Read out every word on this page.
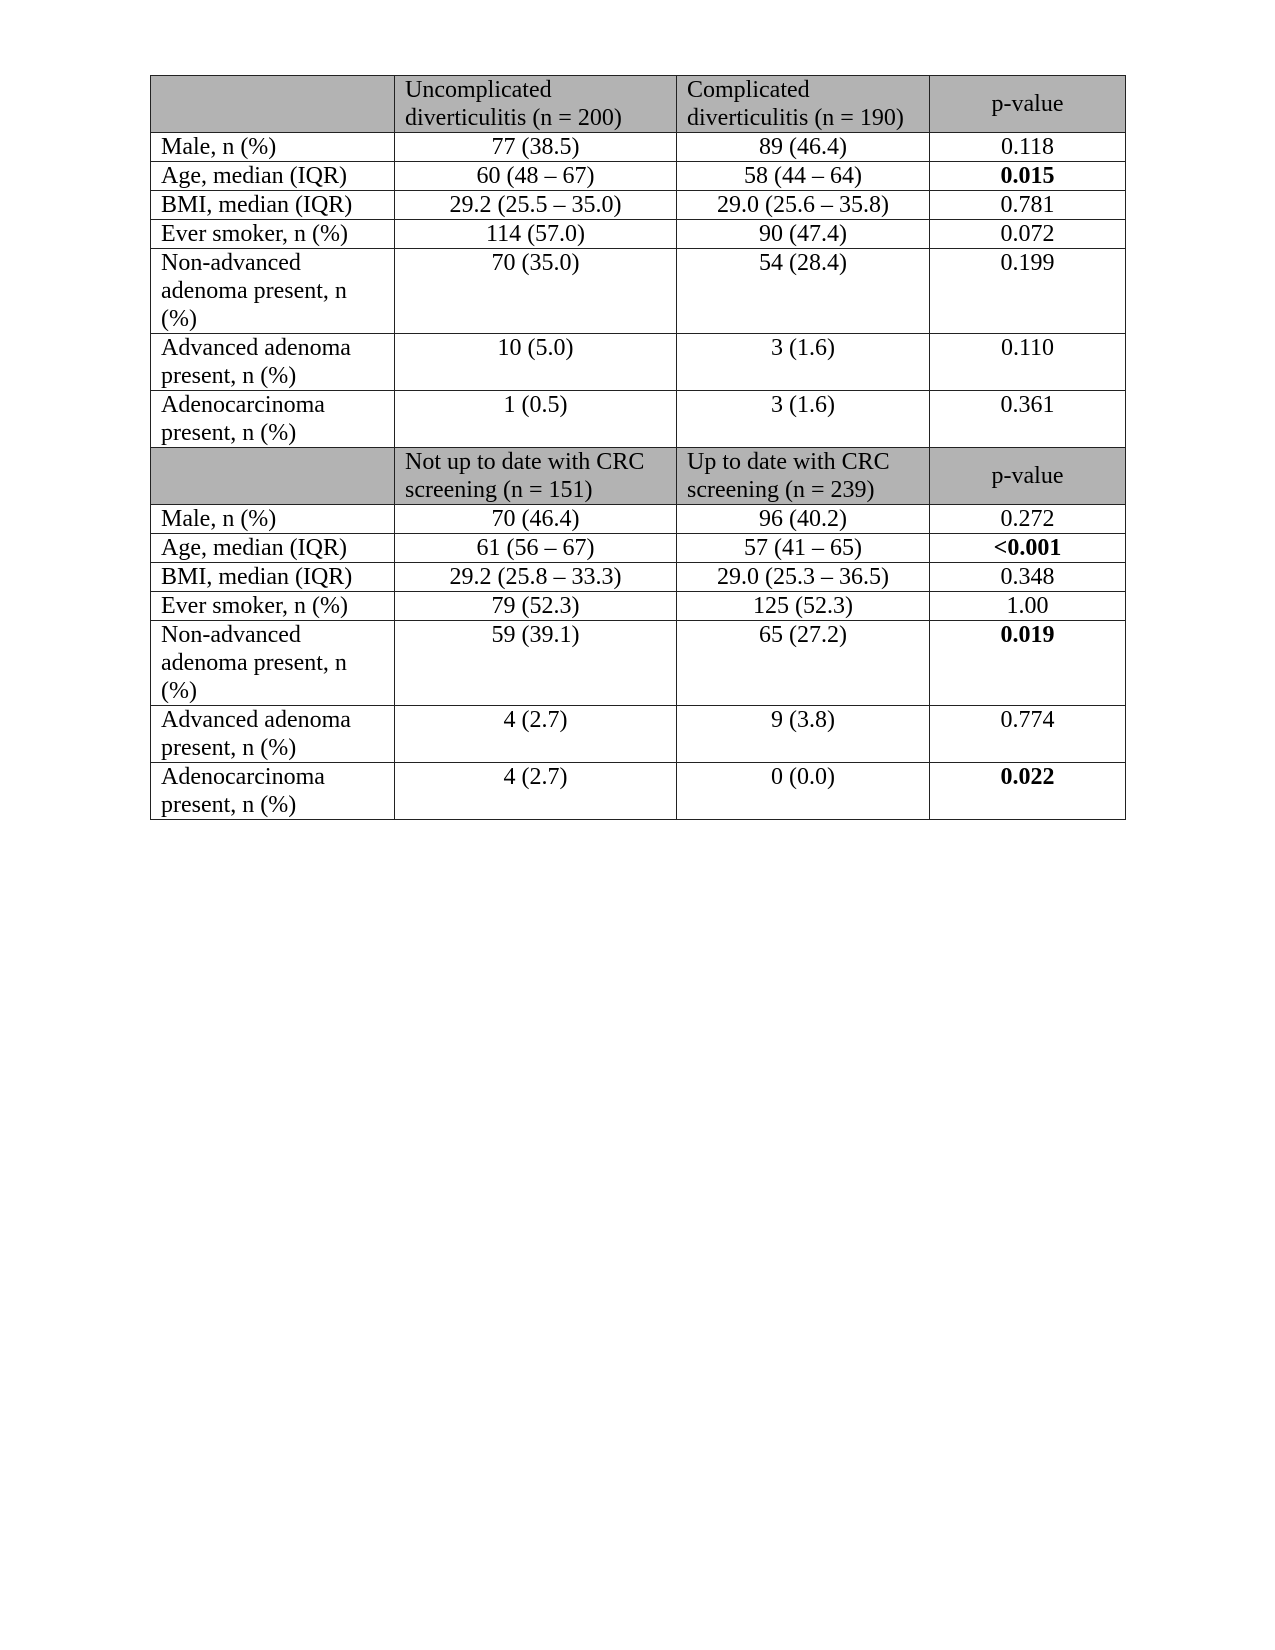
	Uncomplicated diverticulitis (n = 200)	Complicated diverticulitis (n = 190)	p-value
Male, n (%)	77 (38.5)	89 (46.4)	0.118
Age, median (IQR)	60 (48 – 67)	58 (44 – 64)	0.015
BMI, median (IQR)	29.2 (25.5 – 35.0)	29.0 (25.6 – 35.8)	0.781
Ever smoker, n (%)	114 (57.0)	90 (47.4)	0.072
Non-advanced adenoma present, n (%)	70 (35.0)	54 (28.4)	0.199
Advanced adenoma present, n (%)	10 (5.0)	3 (1.6)	0.110
Adenocarcinoma present, n (%)	1 (0.5)	3 (1.6)	0.361
	Not up to date with CRC screening (n = 151)	Up to date with CRC screening (n = 239)	p-value
Male, n (%)	70 (46.4)	96 (40.2)	0.272
Age, median (IQR)	61 (56 – 67)	57 (41 – 65)	<0.001
BMI, median (IQR)	29.2 (25.8 – 33.3)	29.0 (25.3 – 36.5)	0.348
Ever smoker, n (%)	79 (52.3)	125 (52.3)	1.00
Non-advanced adenoma present, n (%)	59 (39.1)	65 (27.2)	0.019
Advanced adenoma present, n (%)	4 (2.7)	9 (3.8)	0.774
Adenocarcinoma present, n (%)	4 (2.7)	0 (0.0)	0.022
